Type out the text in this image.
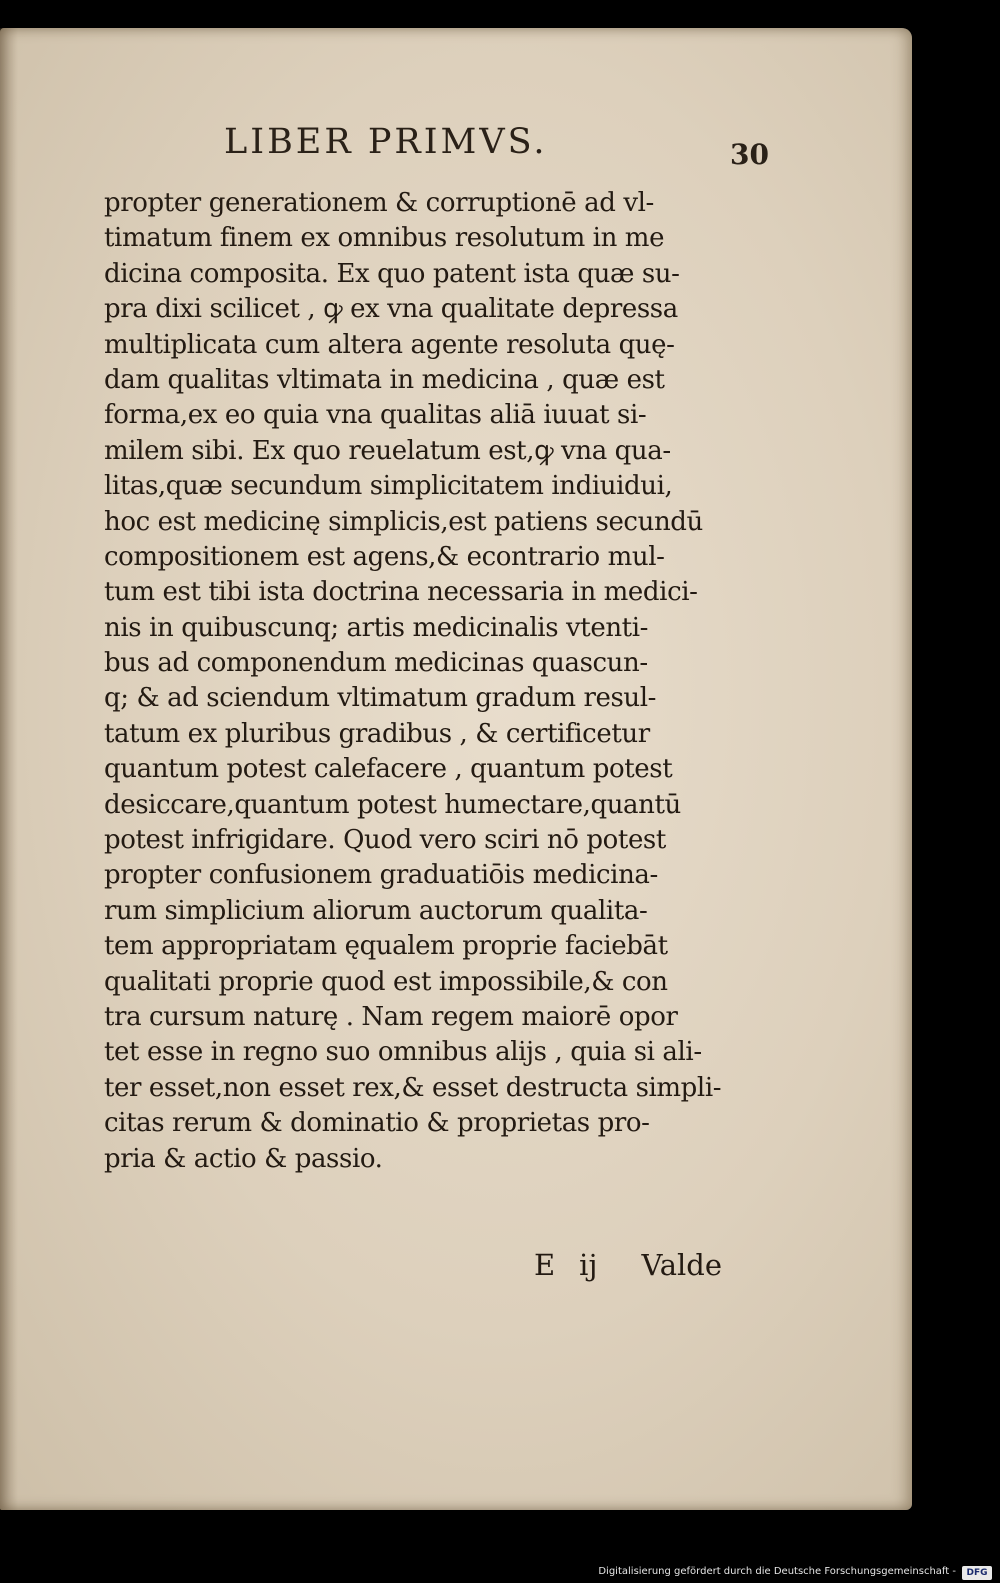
LIBER PRIMVS.	30
propter generationem & corruptionē ad vl-
timatum finem ex omnibus resolutum in me
dicina composita. Ex quo patent ista quæ su-
pra dixi scilicet , ꝙ ex vna qualitate depressa
multiplicata cum altera agente resoluta quę-
dam qualitas vltimata in medicina , quæ est
forma,ex eo quia vna qualitas aliā iuuat si-
milem sibi. Ex quo reuelatum est,ꝙ vna qua-
litas,quæ secundum simplicitatem indiuidui,
hoc est medicinę simplicis,est patiens secundū
compositionem est agens,& econtrario mul-
tum est tibi ista doctrina necessaria in medici-
nis in quibuscunq; artis medicinalis vtenti-
bus ad componendum medicinas quascun-
q; & ad sciendum vltimatum gradum resul-
tatum ex pluribus gradibus , & certificetur
quantum potest calefacere , quantum potest
desiccare,quantum potest humectare,quantū
potest infrigidare. Quod vero sciri nō potest
propter confusionem graduatiōis medicina-
rum simplicium aliorum auctorum qualita-
tem appropriatam ęqualem proprie faciebāt
qualitati proprie quod est impossibile,& con
tra cursum naturę . Nam regem maiorē opor
tet esse in regno suo omnibus alijs , quia si ali-
ter esset,non esset rex,& esset destructa simpli-
citas rerum & dominatio & proprietas pro-
pria & actio & passio.
E ij Valde
Digitalisierung gefördert durch die Deutsche Forschungsgemeinschaft -	DFG
